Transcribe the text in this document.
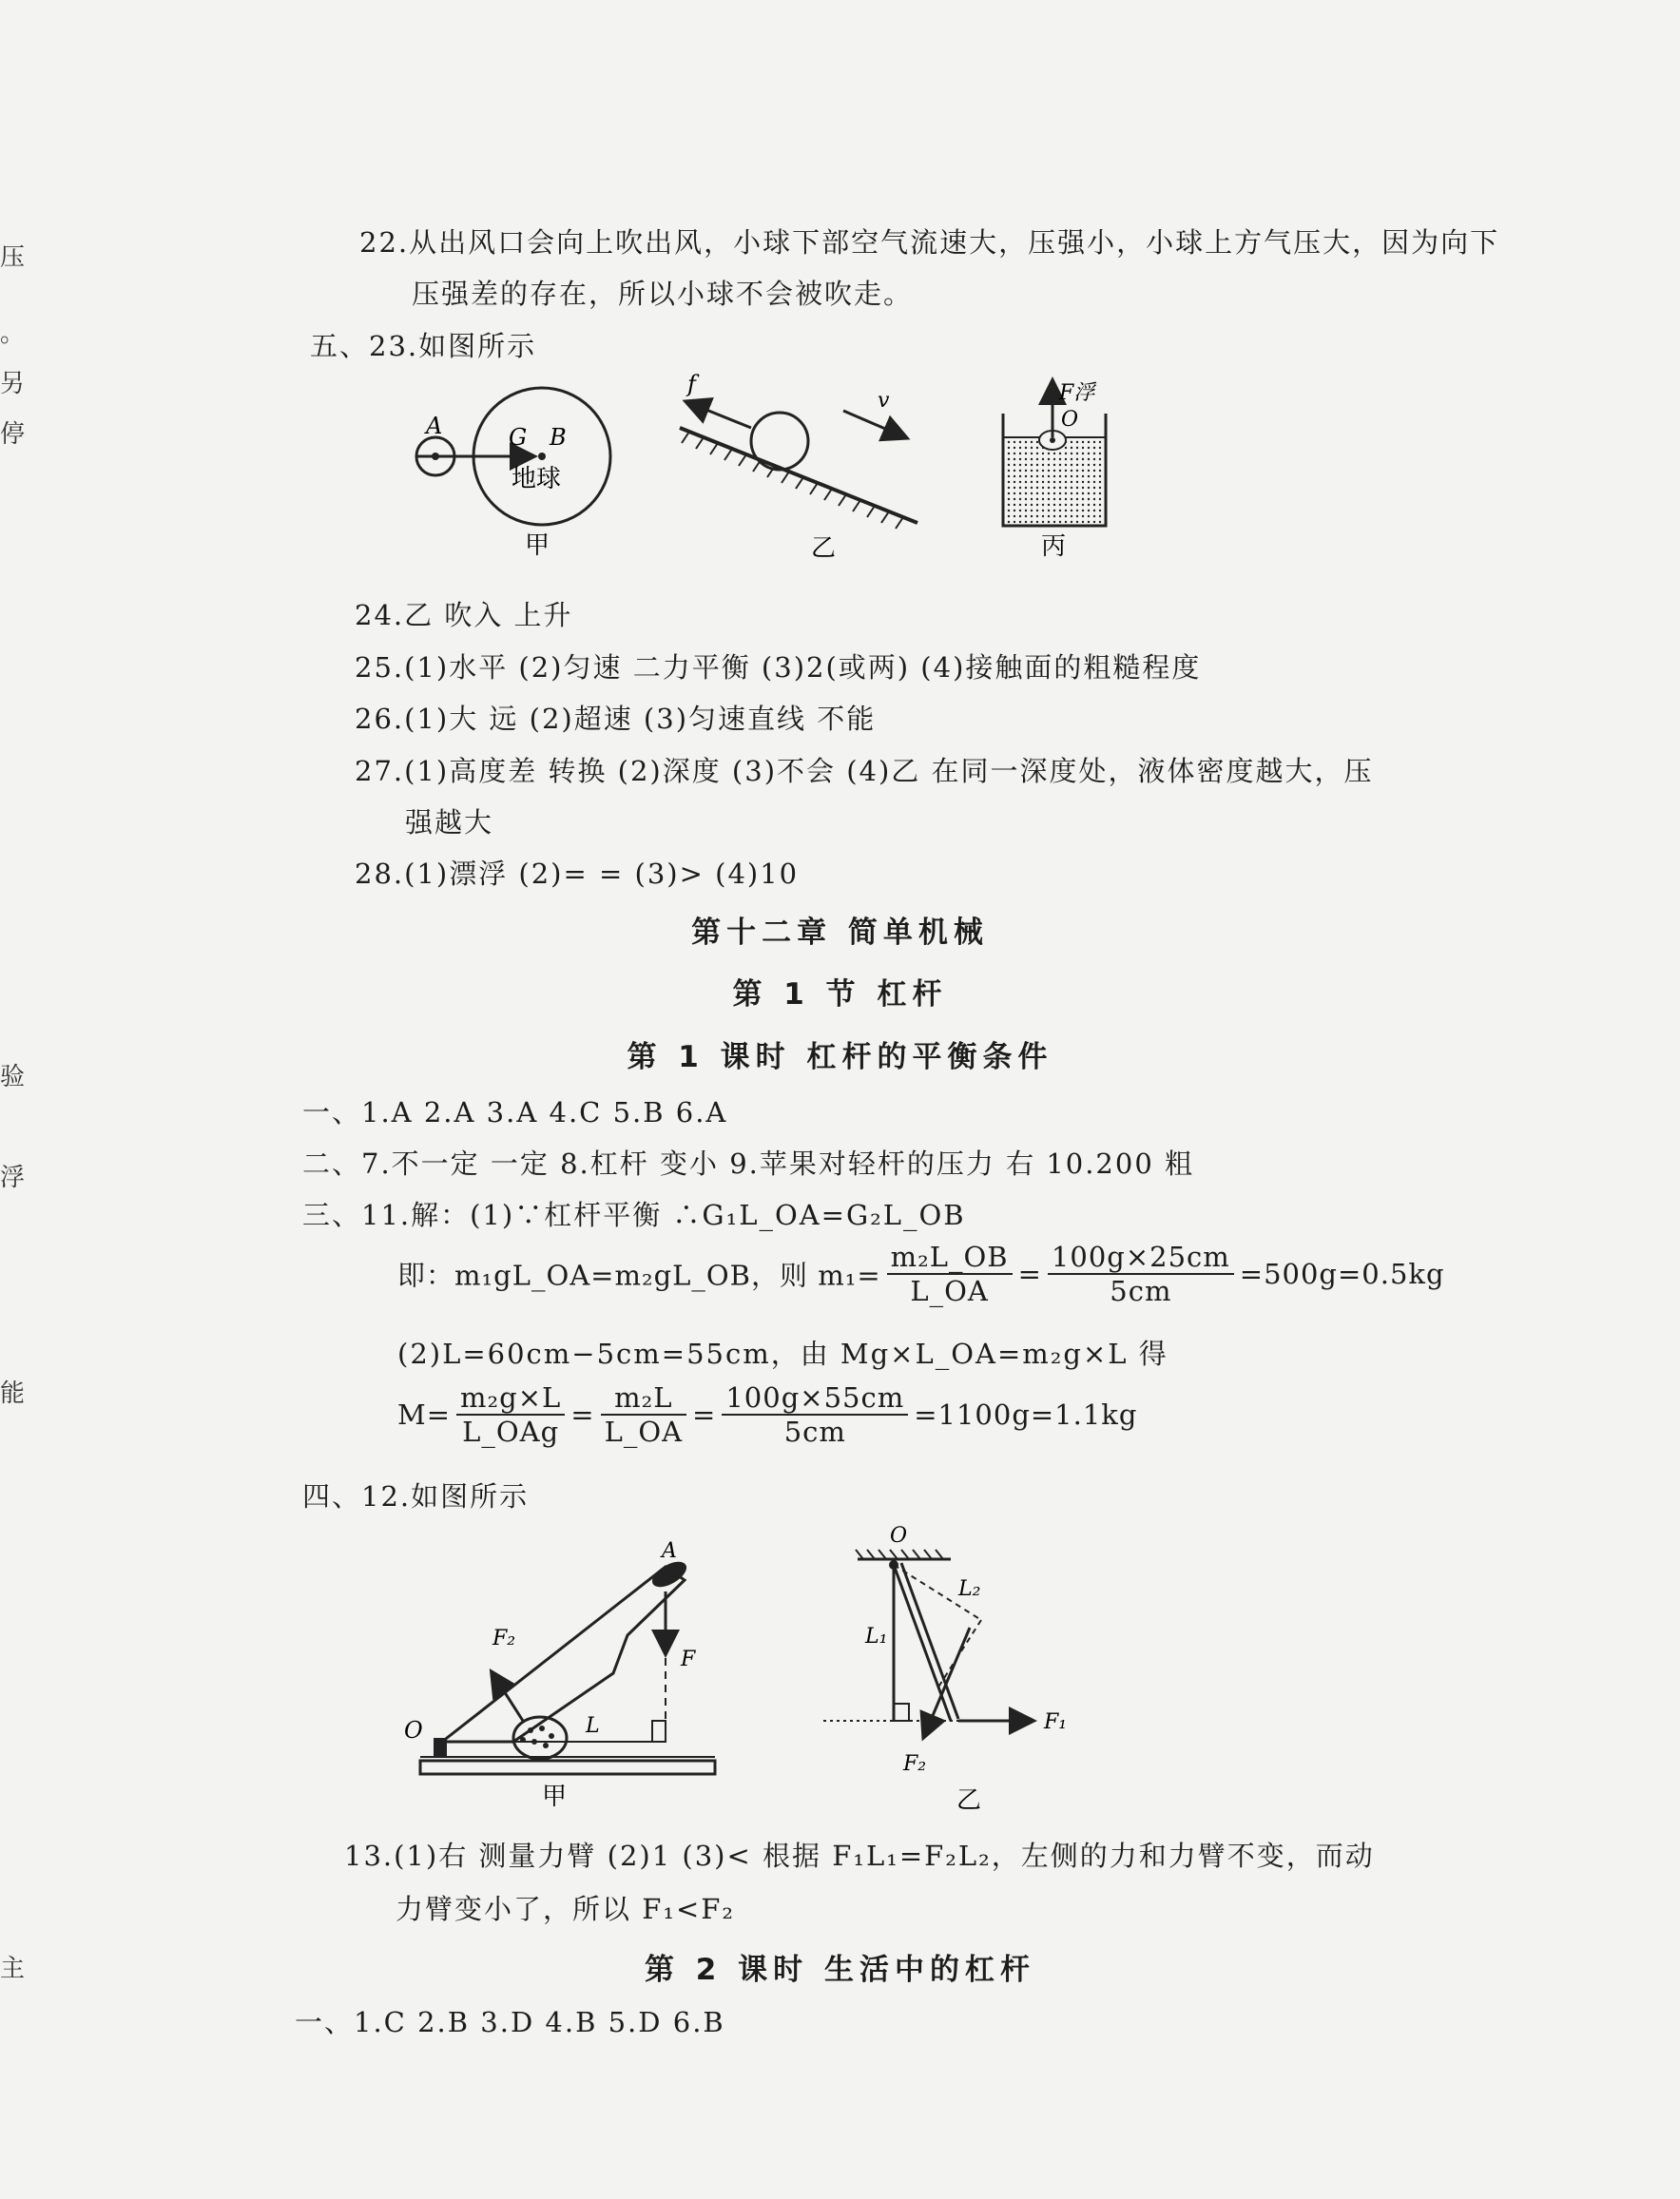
压
。
另
停
验
浮
能
主
22.从出风口会向上吹出风，小球下部空气流速大，压强小，小球上方气压大，因为向下
压强差的存在，所以小球不会被吹走。
五、23.如图所示
A	G B
地球
甲
f
v
乙
F浮
O
丙
24.乙 吹入 上升
25.(1)水平 (2)匀速 二力平衡 (3)2(或两) (4)接触面的粗糙程度
26.(1)大 远 (2)超速 (3)匀速直线 不能
27.(1)高度差 转换 (2)深度 (3)不会 (4)乙 在同一深度处，液体密度越大，压
强越大
28.(1)漂浮 (2)= = (3)> (4)10
第十二章 简单机械
第 1 节 杠杆
第 1 课时 杠杆的平衡条件
一、1.A 2.A 3.A 4.C 5.B 6.A
二、7.不一定 一定 8.杠杆 变小 9.苹果对轻杆的压力 右 10.200 粗
三、11.解：(1)∵杠杆平衡 ∴G₁L_OA=G₂L_OB
即：m₁gL_OA=m₂gL_OB，则 $m_1= \frac{\text{m₂L\_OB}}{L\_OA} = \frac{100g\times 25cm}{5cm} =500g=0.5kg$
(2)L=60cm−5cm=55cm，由 Mg×L_OA=m₂g×L 得
$M= \frac{\text{m₂g×L}}{\text{L\_OAg}} = \frac{\text{m₂L}}{L\_OA} = \frac{100g\times 55cm}{5cm} =1100g=1.1kg$
四、12.如图所示
A
F
F₂
O	L
甲
O
L₂
L₁
F₁
F₂
乙
13.(1)右 测量力臂 (2)1 (3)< 根据 F₁L₁=F₂L₂，左侧的力和力臂不变，而动
力臂变小了，所以 F₁<F₂
第 2 课时 生活中的杠杆
一、1.C 2.B 3.D 4.B 5.D 6.B
